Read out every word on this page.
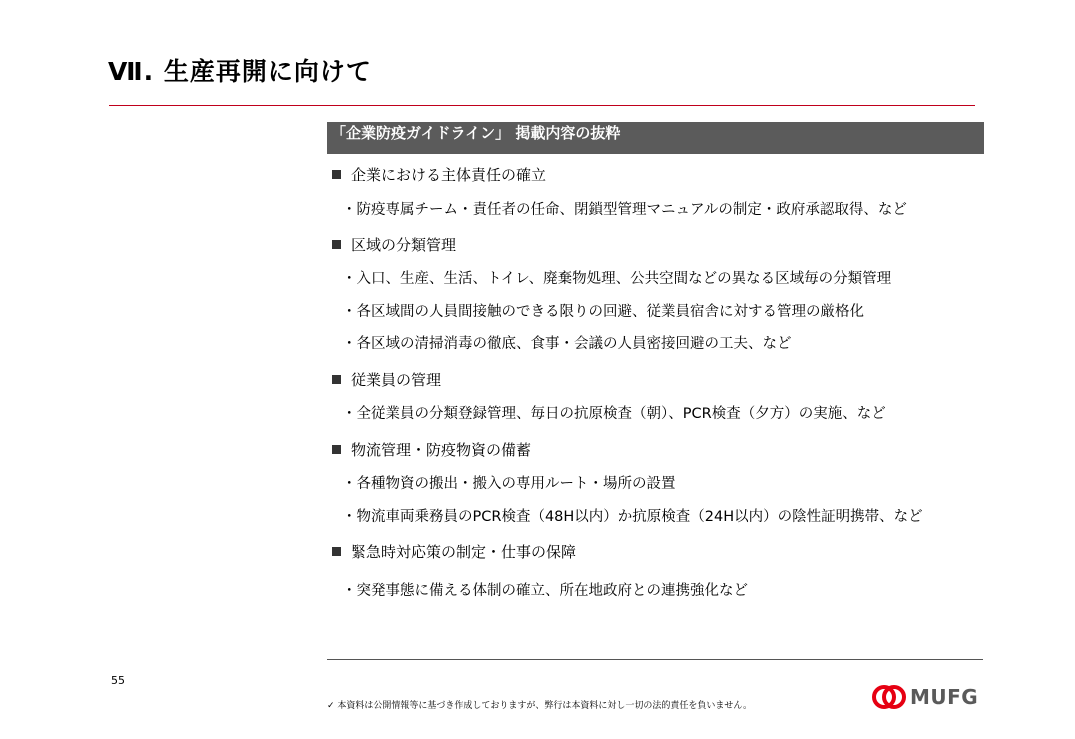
Ⅶ. 生産再開に向けて
「企業防疫ガイドライン」 掲載内容の抜粋
企業における主体責任の確立
・防疫専属チーム・責任者の任命、閉鎖型管理マニュアルの制定・政府承認取得、など
区域の分類管理
・入口、生産、生活、トイレ、廃棄物処理、公共空間などの異なる区域毎の分類管理
・各区域間の人員間接触のできる限りの回避、従業員宿舎に対する管理の厳格化
・各区域の清掃消毒の徹底、食事・会議の人員密接回避の工夫、など
従業員の管理
・全従業員の分類登録管理、毎日の抗原検査（朝）、PCR検査（夕方）の実施、など
物流管理・防疫物資の備蓄
・各種物資の搬出・搬入の専用ルート・場所の設置
・物流車両乗務員のPCR検査（48H以内）か抗原検査（24H以内）の陰性証明携帯、など
緊急時対応策の制定・仕事の保障
・突発事態に備える体制の確立、所在地政府との連携強化など
55
✓ 本資料は公開情報等に基づき作成しておりますが、弊行は本資料に対し一切の法的責任を負いません。	MUFG
